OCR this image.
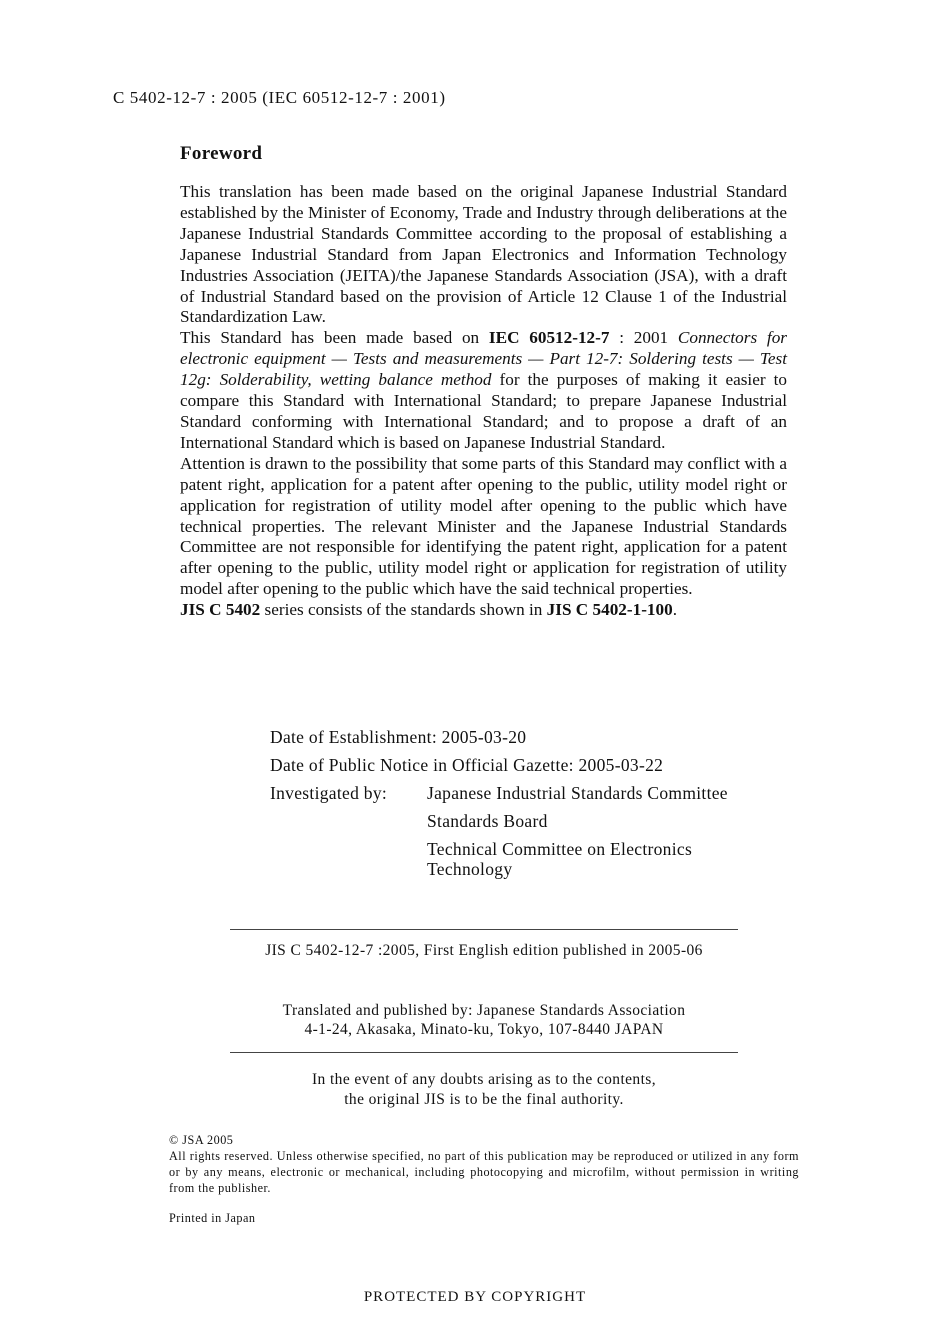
C 5402-12-7 : 2005 (IEC 60512-12-7 : 2001)
Foreword

This translation has been made based on the original Japanese Industrial Standard established by the Minister of Economy, Trade and Industry through deliberations at the Japanese Industrial Standards Committee according to the proposal of establishing a Japanese Industrial Standard from Japan Electronics and Information Technology Industries Association (JEITA)/the Japanese Standards Association (JSA), with a draft of Industrial Standard based on the provision of Article 12 Clause 1 of the Industrial Standardization Law.

This Standard has been made based on IEC 60512-12-7 : 2001 Connectors for electronic equipment — Tests and measurements — Part 12-7: Soldering tests — Test 12g: Solderability, wetting balance method for the purposes of making it easier to compare this Standard with International Standard; to prepare Japanese Industrial Standard conforming with International Standard; and to propose a draft of an International Standard which is based on Japanese Industrial Standard.

Attention is drawn to the possibility that some parts of this Standard may conflict with a patent right, application for a patent after opening to the public, utility model right or application for registration of utility model after opening to the public which have technical properties. The relevant Minister and the Japanese Industrial Standards Committee are not responsible for identifying the patent right, application for a patent after opening to the public, utility model right or application for registration of utility model after opening to the public which have the said technical properties.

JIS C 5402 series consists of the standards shown in JIS C 5402-1-100.

Date of Establishment: 2005-03-20
Date of Public Notice in Official Gazette: 2005-03-22
Investigated by:	Japanese Industrial Standards Committee
Standards Board
Technical Committee on Electronics
Technology
JIS C 5402-12-7 :2005, First English edition published in 2005-06
Translated and published by: Japanese Standards Association
4-1-24, Akasaka, Minato-ku, Tokyo, 107-8440 JAPAN
In the event of any doubts arising as to the contents,
the original JIS is to be the final authority.

© JSA 2005

All rights reserved. Unless otherwise specified, no part of this publication may be reproduced or utilized in any form or by any means, electronic or mechanical, including photocopying and microfilm, without permission in writing from the publisher.

Printed in Japan
PROTECTED BY COPYRIGHT
